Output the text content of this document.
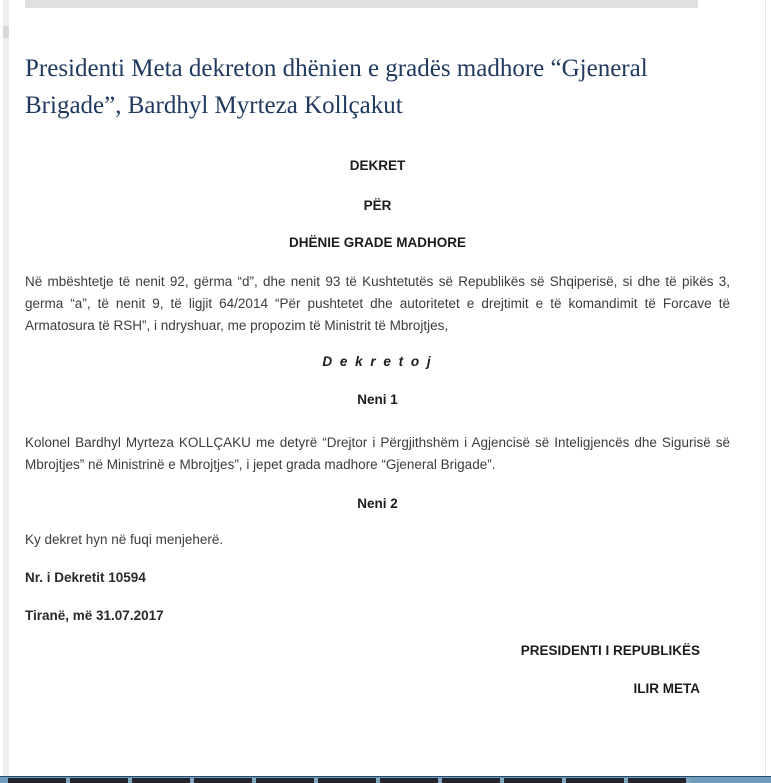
Presidenti Meta dekreton dhënien e gradës madhore “Gjeneral Brigade”, Bardhyl Myrteza Kollçakut
DEKRET
PËR
DHËNIE GRADE MADHORE

Në mbështetje të nenit 92, gërma “d”, dhe nenit 93 të Kushtetutës së Republikës së Shqiperisë, si dhe të pikës 3, germa “a”, të nenit 9, të ligjit 64/2014 “Për pushtetet dhe autoritetet e drejtimit e të komandimit të Forcave të Armatosura të RSH”, i ndryshuar, me propozim të Ministrit të Mbrojtjes,

D e k r e t o j
Neni 1

Kolonel Bardhyl Myrteza KOLLÇAKU me detyrë “Drejtor i Përgjithshëm i Agjencisë së Inteligjencës dhe Sigurisë së Mbrojtjes” në Ministrinë e Mbrojtjes”, i jepet grada madhore “Gjeneral Brigade”.

Neni 2

Ky dekret hyn në fuqi menjeherë.

Nr. i Dekretit 10594
Tiranë, më 31.07.2017
PRESIDENTI I REPUBLIKËS
ILIR META
